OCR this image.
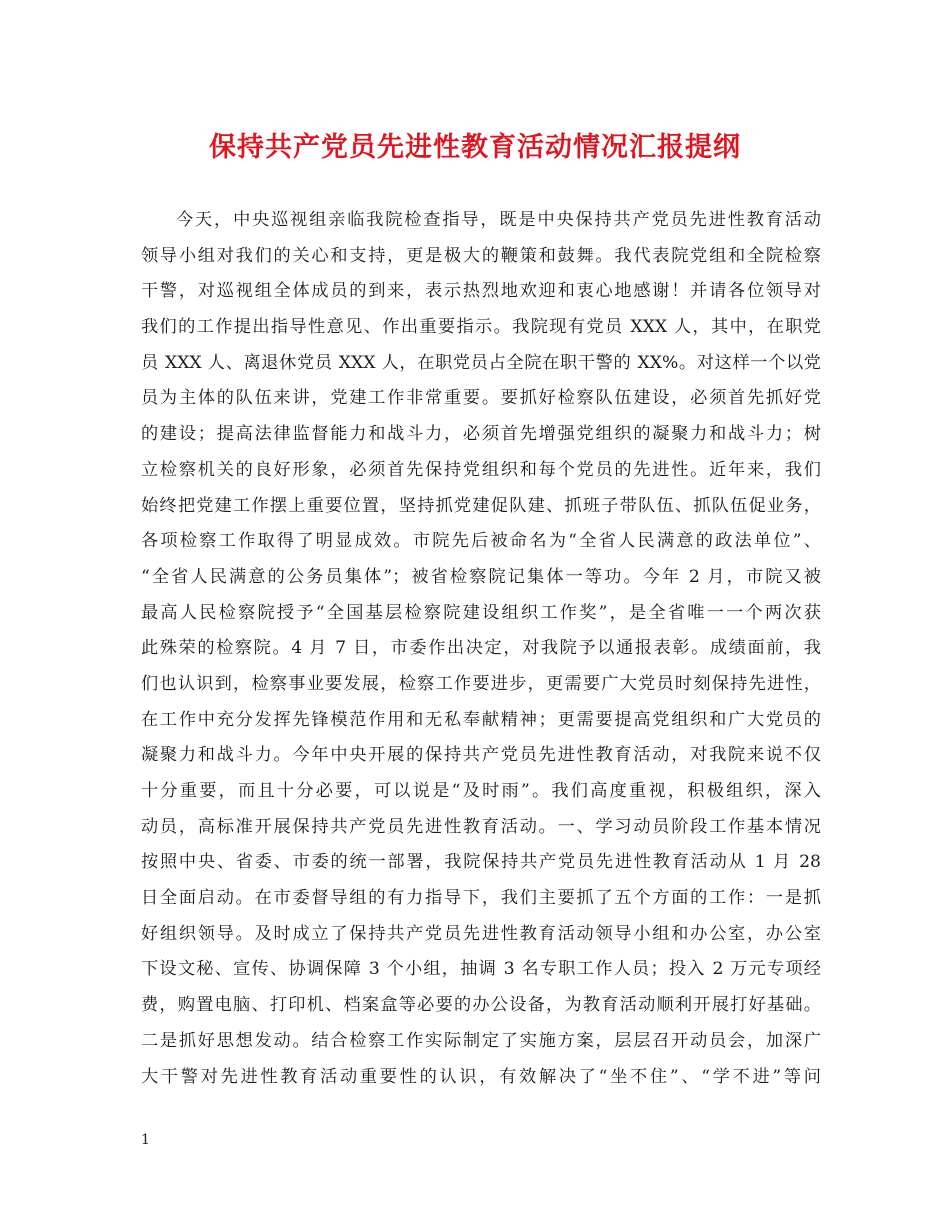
保持共产党员先进性教育活动情况汇报提纲
今天，中央巡视组亲临我院检查指导，既是中央保持共产党员先进性教育活动
领导小组对我们的关心和支持，更是极大的鞭策和鼓舞。我代表院党组和全院检察
干警，对巡视组全体成员的到来，表示热烈地欢迎和衷心地感谢！并请各位领导对
我们的工作提出指导性意见、作出重要指示。我院现有党员 XXX 人，其中，在职党
员 XXX 人、离退休党员 XXX 人，在职党员占全院在职干警的 XX%。对这样一个以党
员为主体的队伍来讲，党建工作非常重要。要抓好检察队伍建设，必须首先抓好党
的建设；提高法律监督能力和战斗力，必须首先增强党组织的凝聚力和战斗力；树
立检察机关的良好形象，必须首先保持党组织和每个党员的先进性。近年来，我们
始终把党建工作摆上重要位置，坚持抓党建促队建、抓班子带队伍、抓队伍促业务，
各项检察工作取得了明显成效。市院先后被命名为“全省人民满意的政法单位”、
“全省人民满意的公务员集体”；被省检察院记集体一等功。今年 2 月，市院又被
最高人民检察院授予“全国基层检察院建设组织工作奖”，是全省唯一一个两次获
此殊荣的检察院。4 月 7 日，市委作出决定，对我院予以通报表彰。成绩面前，我
们也认识到，检察事业要发展，检察工作要进步，更需要广大党员时刻保持先进性，
在工作中充分发挥先锋模范作用和无私奉献精神；更需要提高党组织和广大党员的
凝聚力和战斗力。今年中央开展的保持共产党员先进性教育活动，对我院来说不仅
十分重要，而且十分必要，可以说是“及时雨”。我们高度重视，积极组织，深入
动员，高标准开展保持共产党员先进性教育活动。一、学习动员阶段工作基本情况
按照中央、省委、市委的统一部署，我院保持共产党员先进性教育活动从 1 月 28
日全面启动。在市委督导组的有力指导下，我们主要抓了五个方面的工作：一是抓
好组织领导。及时成立了保持共产党员先进性教育活动领导小组和办公室，办公室
下设文秘、宣传、协调保障 3 个小组，抽调 3 名专职工作人员；投入 2 万元专项经
费，购置电脑、打印机、档案盒等必要的办公设备，为教育活动顺利开展打好基础。
二是抓好思想发动。结合检察工作实际制定了实施方案，层层召开动员会，加深广
大干警对先进性教育活动重要性的认识，有效解决了“坐不住”、“学不进”等问
1
